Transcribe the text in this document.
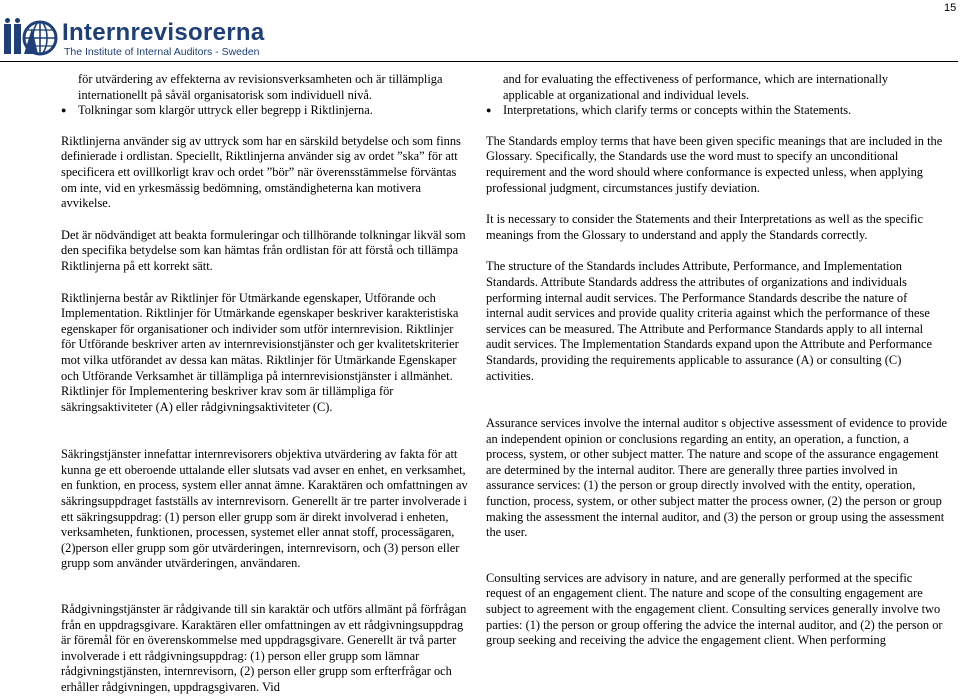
15
Internrevisorerna
The Institute of Internal Auditors - Sweden
för utvärdering av effekterna av revisionsverksamheten och är tillämpliga
internationellt på såväl organisatorisk som individuell nivå.
● Tolkningar som klargör uttryck eller begrepp i Riktlinjerna.

Riktlinjerna använder sig av uttryck som har en särskild betydelse och som finns definierade i ordlistan. Speciellt, Riktlinjerna använder sig av ordet ”ska” för att specificera ett ovillkorligt krav och ordet ”bör” när överensstämmelse förväntas om inte, vid en yrkesmässig bedömning, omständigheterna kan motivera avvikelse.

Det är nödvändiget att beakta formuleringar och tillhörande tolkningar likväl som den specifika betydelse som kan hämtas från ordlistan för att förstå och tillämpa Riktlinjerna på ett korrekt sätt.

Riktlinjerna består av Riktlinjer för Utmärkande egenskaper, Utförande och Implementation. Riktlinjer för Utmärkande egenskaper beskriver karakteristiska egenskaper för organisationer och individer som utför internrevision. Riktlinjer för Utförande beskriver arten av internrevisionstjänster och ger kvalitetskriterier mot vilka utförandet av dessa kan mätas. Riktlinjer för Utmärkande Egenskaper och Utförande Verksamhet är tillämpliga på internrevisionstjänster i allmänhet. Riktlinjer för Implementering beskriver krav som är tillämpliga för säkringsaktiviteter (A) eller rådgivningsaktiviteter (C).

Säkringstjänster innefattar internrevisorers objektiva utvärdering av fakta för att kunna ge ett oberoende uttalande eller slutsats vad avser en enhet, en verksamhet, en funktion, en process, system eller annat ämne. Karaktären och omfattningen av säkringsuppdraget fastställs av internrevisorn. Generellt är tre parter involverade i ett säkringsuppdrag: (1) person eller grupp som är direkt involverad i enheten, verksamheten, funktionen, processen, systemet eller annat stoff, processägaren, (2)person eller grupp som gör utvärderingen, internrevisorn, och (3) person eller grupp som använder utvärderingen, användaren.

Rådgivningstjänster är rådgivande till sin karaktär och utförs allmänt på förfrågan från en uppdragsgivare. Karaktären eller omfattningen av ett rådgivningsuppdrag är föremål för en överenskommelse med uppdragsgivare. Generellt är två parter involverade i ett rådgivningsuppdrag: (1) person eller grupp som lämnar rådgivningstjänsten, internrevisorn, (2) person eller grupp som erfterfrågar och erhåller rådgivningen, uppdragsgivaren. Vid

and for evaluating the effectiveness of performance, which are internationally
applicable at organizational and individual levels.
● Interpretations, which clarify terms or concepts within the Statements.

The Standards employ terms that have been given specific meanings that are included in the Glossary. Specifically, the Standards use the word must to specify an unconditional requirement and the word should where conformance is expected unless, when applying professional judgment, circumstances justify deviation.

It is necessary to consider the Statements and their Interpretations as well as the specific meanings from the Glossary to understand and apply the Standards correctly.

The structure of the Standards includes Attribute, Performance, and Implementation Standards. Attribute Standards address the attributes of organizations and individuals performing internal audit services. The Performance Standards describe the nature of internal audit services and provide quality criteria against which the performance of these services can be measured. The Attribute and Performance Standards apply to all internal audit services. The Implementation Standards expand upon the Attribute and Performance Standards, providing the requirements applicable to assurance (A) or consulting (C) activities.

Assurance services involve the internal auditor s objective assessment of evidence to provide an independent opinion or conclusions regarding an entity, an operation, a function, a process, system, or other subject matter. The nature and scope of the assurance engagement are determined by the internal auditor. There are generally three parties involved in assurance services: (1) the person or group directly involved with the entity, operation, function, process, system, or other subject matter the process owner, (2) the person or group making the assessment the internal auditor, and (3) the person or group using the assessment the user.

Consulting services are advisory in nature, and are generally performed at the specific request of an engagement client. The nature and scope of the consulting engagement are subject to agreement with the engagement client. Consulting services generally involve two parties: (1) the person or group offering the advice the internal auditor, and (2) the person or group seeking and receiving the advice the engagement client. When performing
